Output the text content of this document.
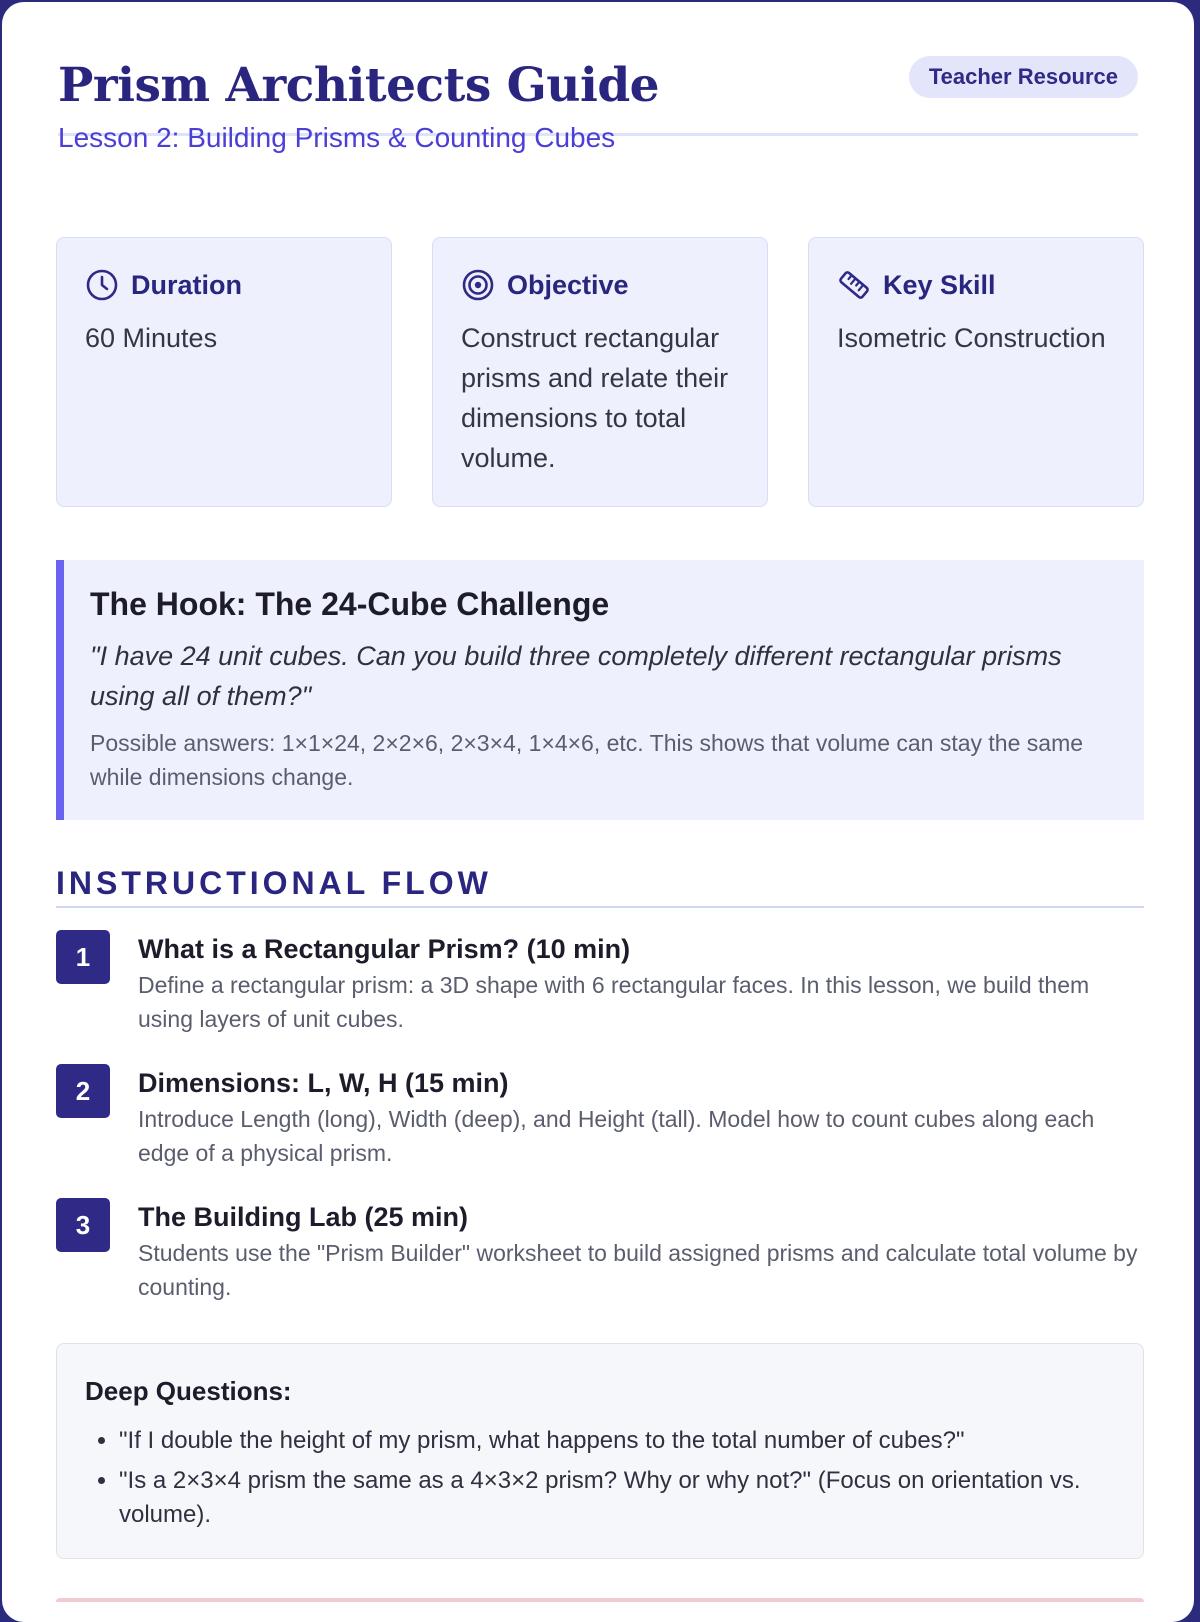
Prism Architects Guide
Lesson 2: Building Prisms & Counting Cubes
Teacher Resource
Duration
60 Minutes
Objective
Construct rectangular prisms and relate their dimensions to total volume.
Key Skill
Isometric Construction
The Hook: The 24-Cube Challenge
"I have 24 unit cubes. Can you build three completely different rectangular prisms using all of them?"
Possible answers: 1×1×24, 2×2×6, 2×3×4, 1×4×6, etc. This shows that volume can stay the same while dimensions change.
INSTRUCTIONAL FLOW
1	What is a Rectangular Prism? (10 min)
Define a rectangular prism: a 3D shape with 6 rectangular faces. In this lesson, we build them using layers of unit cubes.
2	Dimensions: L, W, H (15 min)
Introduce Length (long), Width (deep), and Height (tall). Model how to count cubes along each edge of a physical prism.
3	The Building Lab (25 min)
Students use the "Prism Builder" worksheet to build assigned prisms and calculate total volume by counting.
Deep Questions:
• "If I double the height of my prism, what happens to the total number of cubes?"
• "Is a 2×3×4 prism the same as a 4×3×2 prism? Why or why not?" (Focus on orientation vs. volume).
